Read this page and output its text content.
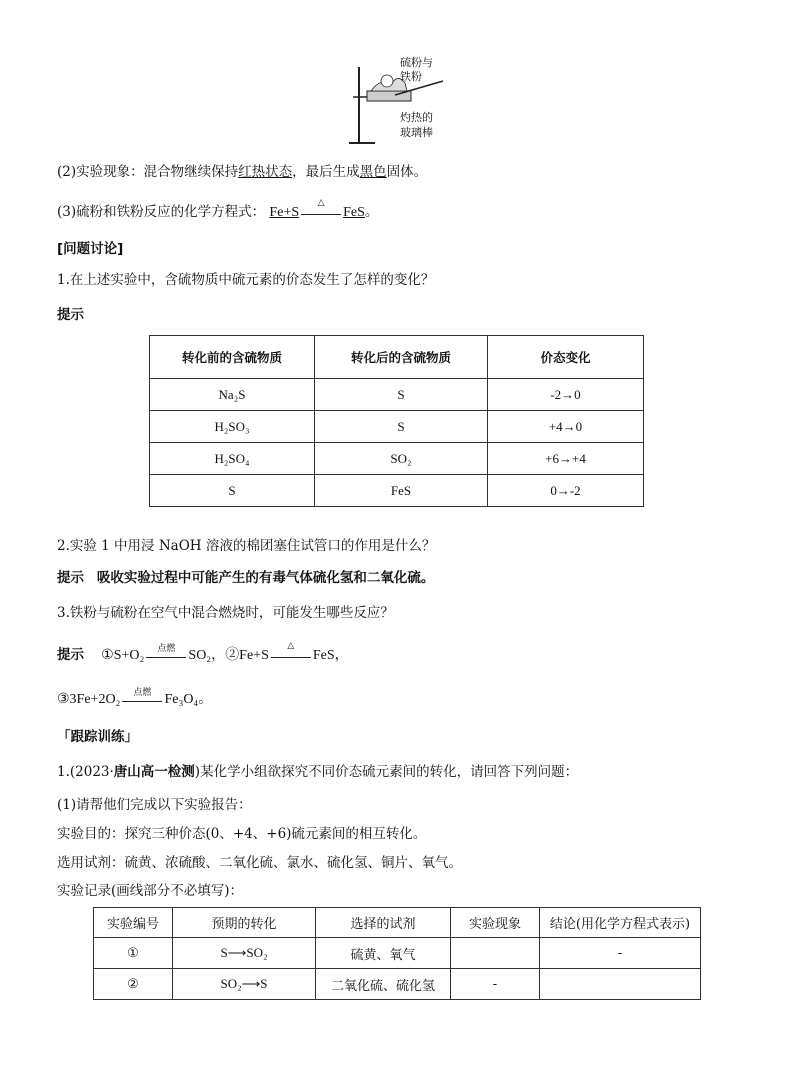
硫粉与
铁粉
灼热的
玻璃棒
(2)实验现象：混合物继续保持红热状态，最后生成黑色固体。
(3)硫粉和铁粉反应的化学方程式： Fe+S
△
FeS。
[问题讨论]
1.在上述实验中，含硫物质中硫元素的价态发生了怎样的变化？
提示
转化前的含硫物质	转化后的含硫物质	价态变化
Na₂S	S	-2→0
H₂SO₃	S	+4→0
H₂SO₄	SO₂	+6→+4
S	FeS	0→-2
2.实验 1 中用浸 NaOH 溶液的棉团塞住试管口的作用是什么？
提示 吸收实验过程中可能产生的有毒气体硫化氢和二氧化硫。
3.铁粉与硫粉在空气中混合燃烧时，可能发生哪些反应？
提示 ①S+O₂	点燃 SO₂，②Fe+S
△
FeS，
③3Fe+2O₂	点燃 Fe₃O₄。
「跟踪训练」
1.(2023·唐山高一检测)某化学小组欲探究不同价态硫元素间的转化，请回答下列问题：
(1)请帮他们完成以下实验报告：
实验目的：探究三种价态(0、+4、+6)硫元素间的相互转化。
选用试剂：硫黄、浓硫酸、二氧化硫、氯水、硫化氢、铜片、氧气。
实验记录(画线部分不必填写)：
实验编号	预期的转化	选择的试剂	实验现象	结论(用化学方程式表示)
①	S⟶SO₂	硫黄、氧气		-
②	SO₂⟶S	二氧化硫、硫化氢	-	
